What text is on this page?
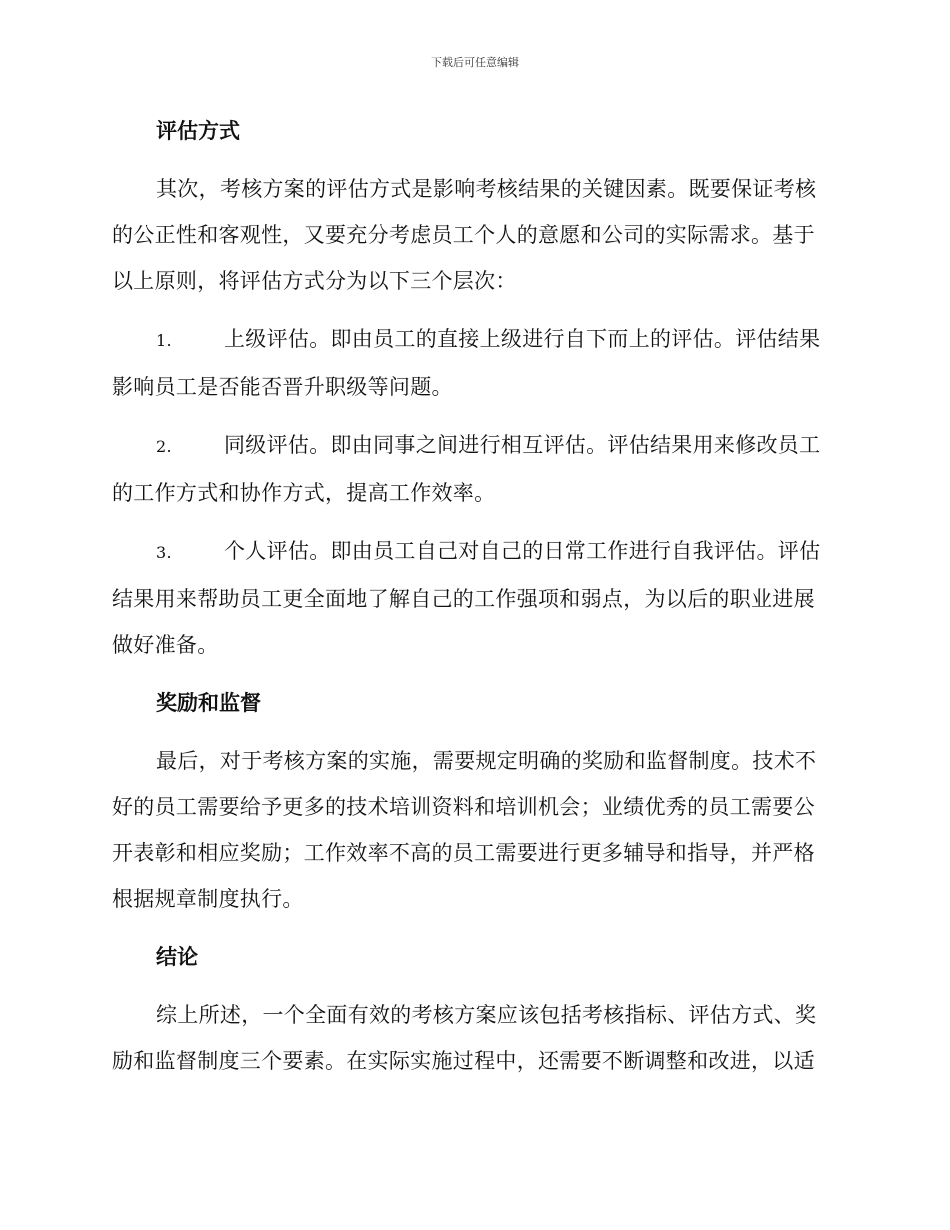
下载后可任意编辑
评估方式

其次，考核方案的评估方式是影响考核结果的关键因素。既要保证考核的公正性和客观性，又要充分考虑员工个人的意愿和公司的实际需求。基于以上原则，将评估方式分为以下三个层次：

1. 上级评估。即由员工的直接上级进行自下而上的评估。评估结果影响员工是否能否晋升职级等问题。

2. 同级评估。即由同事之间进行相互评估。评估结果用来修改员工的工作方式和协作方式，提高工作效率。

3. 个人评估。即由员工自己对自己的日常工作进行自我评估。评估结果用来帮助员工更全面地了解自己的工作强项和弱点，为以后的职业进展做好准备。

奖励和监督

最后，对于考核方案的实施，需要规定明确的奖励和监督制度。技术不好的员工需要给予更多的技术培训资料和培训机会；业绩优秀的员工需要公开表彰和相应奖励；工作效率不高的员工需要进行更多辅导和指导，并严格根据规章制度执行。

结论

综上所述，一个全面有效的考核方案应该包括考核指标、评估方式、奖励和监督制度三个要素。在实际实施过程中，还需要不断调整和改进，以适
